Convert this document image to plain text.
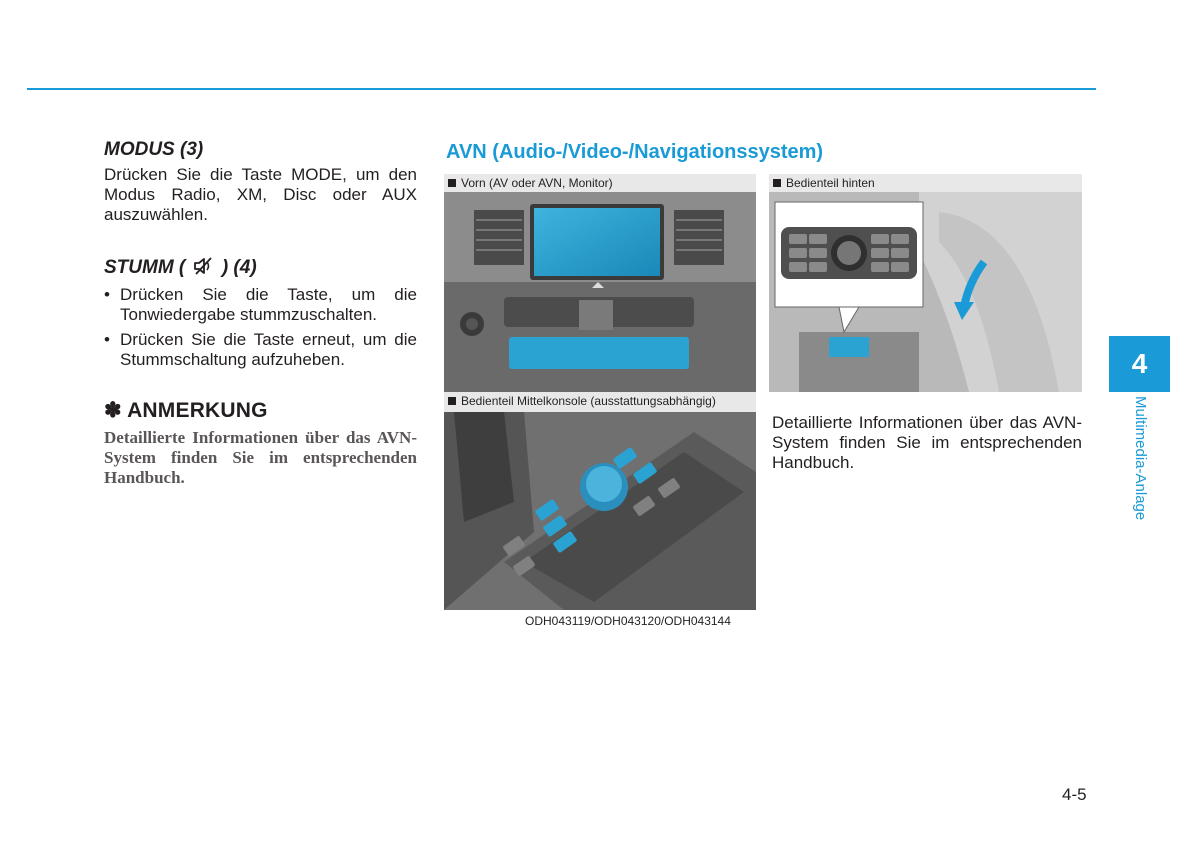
MODUS (3)
Drücken Sie die Taste MODE, um den Modus Radio, XM, Disc oder AUX auszuwählen.
STUMM ( ) (4)
• Drücken Sie die Taste, um die Tonwiedergabe stummzuschalten.
• Drücken Sie die Taste erneut, um die Stummschaltung aufzuheben.
✽ ANMERKUNG
Detaillierte Informationen über das AVN-System finden Sie im entsprechenden Handbuch.
AVN (Audio-/Video-/Navigationssystem)
Vorn (AV oder AVN, Monitor)	Bedienteil hinten
Bedienteil Mittelkonsole (ausstattungsabhängig)
ODH043119/ODH043120/ODH043144
Detaillierte Informationen über das AVN-System finden Sie im entsprechenden Handbuch.
4
Multimedia-Anlage
4-5
